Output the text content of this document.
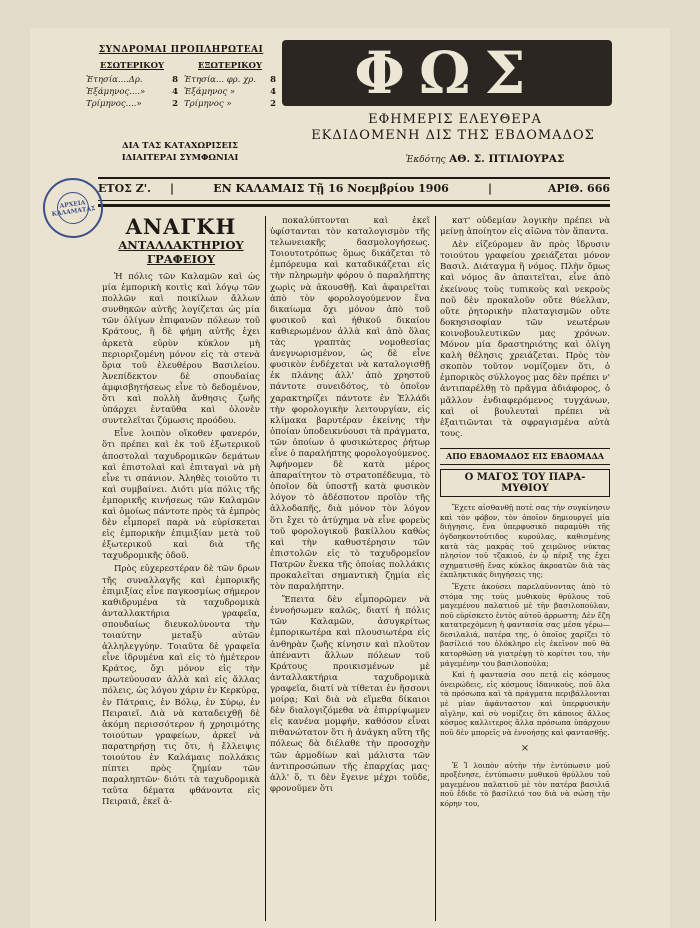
ΣΥΝΔΡΟΜΑΙ ΠΡΟΠΛΗΡΩΤΕΑΙ
ΕΣΩΤΕΡΙΚΟΥ
Ἐτησία....Δρ.	8
Ἑξάμηνος....»	4
Τρίμηνος....»	2
ΕΞΩΤΕΡΙΚΟΥ
Ἐτησία... φρ. χρ. 8
Ἑξάμηνος »	4
Τρίμηνος »	2
ΔΙΑ ΤΑΣ ΚΑΤΑΧΩΡΙΣΕΙΣ
ΙΔΙΑΙΤΕΡΑΙ ΣΥΜΦΩΝΙΑΙ
ΦΩΣ
ΕΦΗΜΕΡΙΣ ΕΛΕΥΘΕΡΑ
ΕΚΔΙΔΟΜΕΝΗ ΔΙΣ ΤΗΣ ΕΒΔΟΜΑΔΟΣ
Ἐκδότης ΑΘ. Σ. ΠΤΙΛΙΟΥΡΑΣ
ΕΤΟΣ Ζ'.	|	ΕΝ ΚΑΛΑΜΑΙΣ Τῇ 16 Νοεμβρίου 1906	|	ΑΡΙΘ. 666
ΑΡΧΕΙΑ ΚΑΛΑΜΑΤΑΣ
ΑΝΑΓΚΗ
ΑΝΤΑΛΛΑΚΤΗΡΙΟΥ ΓΡΑΦΕΙΟΥ

Ἡ πόλις τῶν Καλαμῶν καὶ ὡς μία ἐμπορικὴ κοιτὶς καὶ λόγῳ τῶν πολλῶν καὶ ποικίλων ἄλλων συνθηκῶν αὐτῆς λογίζεται ὡς μία τῶν ὀλίγων ἐπιφανῶν πόλεων τοῦ Κράτους, ἢ δὲ φήμη αὐτῆς ἐχει ἀρκετὰ εὐρὺν κύκλον μὴ περιοριζομένη μόνον εἰς τὰ στενὰ ὅρια τοῦ ἐλευθέρου Βασιλείου. Ἀνεπίδεκτον δὲ σπουδαίας ἀμφισβητήσεως εἶνε τὸ δεδομένον, ὅτι καὶ πολλὴ ἄνθησις ζωῆς ὑπάρχει ἐνταῦθα καὶ ὁλονὲν συντελεῖται ζύμωσις προόδου.

Εἶνε λοιπὸν οἴκοθεν φανερόν, ὅτι πρέπει καὶ ἐκ τοῦ ἐξωτερικοῦ ἀποστολαὶ ταχυδρομικῶν δεμάτων καὶ ἐπιστολαὶ καὶ ἐπιταγαὶ νὰ μὴ εἶνε τι σπάνιον. Ἀληθὲς τοιοῦτο τι καὶ συμβαίνει. Διότι μία πόλις τῆς ἐμπορικῆς κινήσεως τῶν Καλαμῶν καὶ ὁμοίως πάντοτε πρὸς τὰ ἐμπρὸς δὲν εἶμπορεῖ παρὰ νὰ εὑρίσκεται εἰς ἐμπορικὴν ἐπιμιξίαν μετὰ τοῦ ἐξωτερικοῦ καὶ διὰ τῆς ταχυδρομικῆς ὁδοῦ.

Πρὸς εὐχερεστέραν δὲ τῶν δρων τῆς συναλλαγῆς καὶ ἐμπορικῆς ἐπιμιξίας εἶνε παγκοσμίως σήμερον καθιδρυμένα τὰ ταχυδρομικὰ ἀνταλλακτήρια γραφεῖα, σπουδαίως διευκολύνοντα τὴν τοιαύτην μεταξὺ αὐτῶν ἀλληλεγγύην. Τοιαῦτα δὲ γραφεῖα εἶνε ἱδρυμένα καὶ εἰς τὸ ἡμέτερον Κράτος, ὄχι μόνον εἰς τὴν πρωτεύουσαν ἀλλὰ καὶ εἰς ἄλλας πόλεις, ὡς λόγου χάριν ἐν Κερκύρᾳ, ἐν Πάτραις, ἐν Βόλῳ, ἐν Σύρῳ, ἐν Πειραιεῖ. Διὰ νὰ καταδειχθῇ δὲ ἀκόμη περισσότερον ἡ χρησιμότης τοιούτων γραφείων, ἀρκεῖ νὰ παρατηρήσῃ τις ὅτι, ἡ ἔλλειψις τοιούτου ἐν Καλάμαις πολλάκις πίπτει πρὸς ζημίαν τῶν παραληπτῶν· διότι τὰ ταχυδρομικὰ ταῦτα δέματα φθάνοντα εἰς Πειραιᾶ, ἐκεῖ ἀ-

ποκαλύπτονται καὶ ἐκεῖ ὑφίστανται τὸν καταλογισμὸν τῆς τελωνειακῆς δασμολογήσεως. Τοιουτοτρόπως ὅμως δικάζεται τὸ ἐμπόρευμα καὶ καταδικάζεται εἰς τὴν πληρωμὴν φόρου ὁ παραλήπτης χωρὶς νὰ ἀκουσθῇ. Καὶ ἀφαιρεῖται ἀπὸ τὸν φορολογούμενον ἕνα δικαίωμα ὄχι μόνον ἀπὸ τοῦ φυσικοῦ καὶ ἠθικοῦ δικαίου καθιερωμένον ἀλλὰ καὶ ἀπὸ ὅλας τὰς γραπτὰς νομοθεσίας ἀνεγνωρισμένον, ὡς δὲ εἶνε φυσικὸν ἐνδέχεται νὰ καταλογισθῇ ἐκ πλάνης ἀλλ' ἀπὸ χρηστοῦ πάντοτε συνειδότος, τὸ ὁποῖον χαρακτηρίζει πάντοτε ἐν Ἑλλάδι τὴν φορολογικὴν λειτουργίαν, εἰς κλίμακα βαρυτέραν ἐκείνης τὴν ὁποίαν ὑποδεικνύουσι τὰ πράγματα, τῶν ὁποίων ὁ φυσικώτερος ῥήτωρ εἶνε ὁ παραλήπτης φορολογούμενος. Ἀφήνομεν δὲ κατὰ μέρος ἀπαραίτητον τὸ στρατοπέδευμα, τὸ ὁποῖον δὰ ὑποστῇ κατὰ φυσικὸν λόγον τὸ ἀδέσποτον προϊὸν τῆς ἀλλοδαπῆς, διὰ μόνον τὸν λόγον ὅτι ἔχει τὸ ἀτύχημα νὰ εἶνε φορεὺς τοῦ φορολογικοῦ βακίλλου καθὼς καὶ τὴν καθυστέρησιν τῶν ἐπιστολῶν εἰς τὸ ταχυδρομεῖον Πατρῶν ἕνεκα τῆς ὁποίας πολλάκις προκαλεῖται σημαντικὴ ζημία εἰς τὸν παραλήπτην.

Ἔπειτα δὲν εἶμπορῶμεν νὰ ἐννοήσωμεν καλῶς, διατί ἡ πόλις τῶν Καλαμῶν, ἀσυγκρίτως ἐμπορικωτέρα καὶ πλουσιωτέρα εἰς ἀνθηρὰν ζωῆς κίνησιν καὶ πλοῦτον ἀπέναντι ἄλλων πόλεων τοῦ Κράτους προικισμένων μὲ ἀνταλλακτήρια ταχυδρομικὰ γραφεῖα, διατί νὰ τίθεται ἐν ἥσσονι μοίρᾳ; Καὶ διὰ νὰ εἴμεθα δίκαιοι δὲν διαλογιζόμεθα νὰ ἐπιρρίψωμεν εἰς κανένα μομφήν, καθόσον εἶναι πιθανώτατον ὅτι ἡ ἀνάγκη αὕτη τῆς πόλεως δὰ διέλαθε τὴν προσοχὴν τῶν ἁρμοδίων καὶ μάλιστα τῶν ἀντιπροσώπων τῆς ἐπαρχίας μας· ἀλλ' ὅ, τι δὲν ἔγεινε μέχρι τοῦδε, φρονοῦμεν ὅτι

κατ' οὐδεμίαν λογικὴν πρέπει νὰ μείνῃ ἀποίητον εἰς αἰῶνα τὸν ἅπαντα.

Δὲν εἰζεύρομεν ἂν πρὸς ἵδρυσιν τοιούτου γραφείου χρειάζεται μόνον Βασιλ. Διάταγμα ἢ νόμος. Πλὴν ὅμως καὶ νόμος ἂν ἀπαιτεῖται, εἶνε ἀπὸ ἐκείνους τοὺς τυπικοὺς καὶ νεκροὺς ποῦ δὲν προκαλοῦν οὔτε θύελλαν, οὔτε ῥητορικὴν πλαταγισμῶν οὔτε δοκησισοφίαν τῶν νεωτέρων κοινοβουλευτικῶν μας χρόνων. Μόνον μία δραστηριότης καὶ ὀλίγη καλὴ θέλησις χρειάζεται. Πρὸς τὸν σκοπὸν τοῦτον νομίζομεν ὅτι, ὁ ἐμπορικὸς σύλλογος μας δὲν πρέπει ν' ἀντιπαρέλθῃ τὸ πρᾶγμα ἀδιάφορος, ὁ μᾶλλον ἐνδιαφερόμενος τυγχάνων, καὶ οἱ βουλευταὶ πρέπει νὰ ἐξαιτιῶνται τὰ σφραγισμένα αὐτὰ τους.

ΑΠΟ ΕΒΔΟΜΑΔΟΣ ΕΙΣ ΕΒΔΟΜΑΔΑ
Ο ΜΑΓΟΣ ΤΟΥ ΠΑΡΑ-ΜΥΘΙΟΥ

Ἔχετε αἰσθανθῇ ποτὲ σας τὴν συγκίνησιν καὶ τὸν φόβον, τὸν ὁποῖον δημιουργεῖ μία διήγησις, ἕνα ὑπερφυσικὸ παραμύθι τῆς ὀγδοηκοντούτιδος κυρούλας, καθισμένης κατὰ τὰς μακρὰς τοῦ χειμῶνος νύκτας πλησίον τοῦ τζακιοῦ, ἐν ᾧ πέριξ της ἔχει σχηματισθῇ ἕνας κύκλος ἀκροατῶν διὰ τὰς ἐκπληκτικάς διηγήσεις της;

Ἔχετε ἀκούσει παρελαύνοντας ἀπὸ τὸ στόμα της τοὺς μυθικοὺς θρύλους τοῦ μαγεμένου παλατιοῦ μὲ τὴν βασιλοπούλαν, ποῦ εὑρίσκετο ἐντὸς αὐτοῦ ἀρρωστη; Δὲν ἔζη κατατρεχόμενη ἡ φαντασία σας μέσα γέρω—δεσιλαλιά, πατέρα της, ὁ ὁποῖος χαρίζει τὸ βασίλειό του ὁλόκληρο εἰς ἐκεῖνον ποῦ θὰ κατορθώσῃ νὰ γιατρέψῃ τὸ κορίτσι του, τὴν μάγεμένην του βασιλοπούλα;

Καὶ ἡ φαντασία σου πετᾷ εἰς κόσμους ὀνειρώδεις, εἰς κόσμους ἰδανικοὺς, ποῦ ὅλα τὰ πρόσωπα καὶ τὰ πράγματα περιβάλλονται μὲ μίαν ἀφάνταστον καὶ ὑπερφυσικὴν αἴγλην, καὶ σὺ νομίζεις ὅτι κάποιος ἄλλος κόσμος καλλιτερος ἄλλα πρόσωπα ὑπάρχουν ποῦ δὲν μπορεῖς νὰ ἐννοήσῃς καὶ φαντασθῇς.

×

Ἐ Ἰ λοιπὸν αὐτὴν τὴν ἐντύπωσιν μοῦ προξένησε, ἐντύπωσιν μυθικοῦ θρύλλου τοῦ μαγεμένου παλατιοῦ μὲ τὸν πατέρα βασιλιᾶ ποῦ ἔδιδε τὸ βασίλειό του διὰ νὰ σώσῃ τὴν κόρην του,
